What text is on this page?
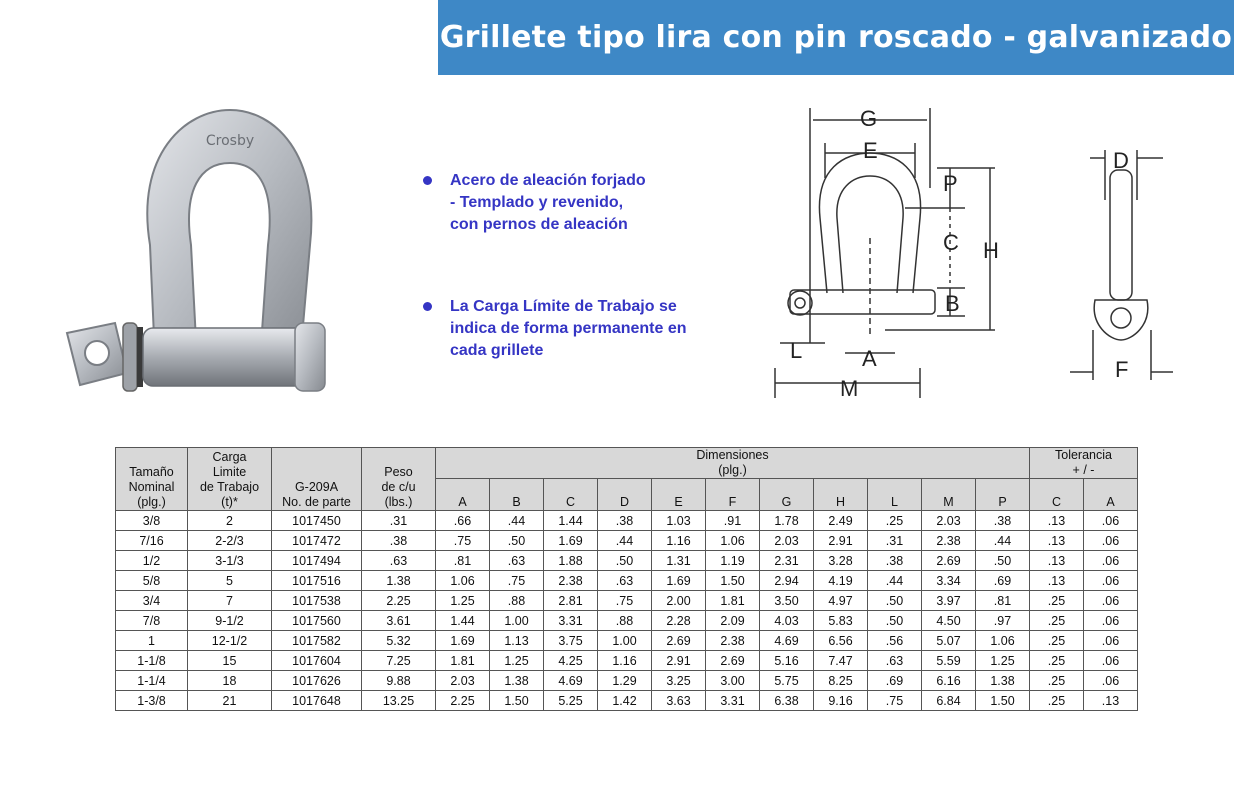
Grillete tipo lira con pin roscado - galvanizado
Crosby
Acero de aleación forjado
- Templado y revenido,
con pernos de aleación
La Carga Límite de Trabajo se
indica de forma permanente en
cada grillete
G
E
P
C H
B
L	A
M
D
F
Tamaño
Nominal
(plg.)	Carga
Limite
de Trabajo
(t)*	G-209A
No. de parte	Peso
de c/u
(lbs.)	Dimensiones
(plg.)											Tolerancia
+ / -	

				A	B	C	D	E	F	G	H	L	M	P	C	A
3/8	2	1017450	.31	.66	.44	1.44	.38	1.03	.91	1.78	2.49	.25	2.03	.38	.13	.06
7/16	2-2/3	1017472	.38	.75	.50	1.69	.44	1.16	1.06	2.03	2.91	.31	2.38	.44	.13	.06
1/2	3-1/3	1017494	.63	.81	.63	1.88	.50	1.31	1.19	2.31	3.28	.38	2.69	.50	.13	.06
5/8	5	1017516	1.38	1.06	.75	2.38	.63	1.69	1.50	2.94	4.19	.44	3.34	.69	.13	.06
3/4	7	1017538	2.25	1.25	.88	2.81	.75	2.00	1.81	3.50	4.97	.50	3.97	.81	.25	.06
7/8	9-1/2	1017560	3.61	1.44	1.00	3.31	.88	2.28	2.09	4.03	5.83	.50	4.50	.97	.25	.06
1	12-1/2	1017582	5.32	1.69	1.13	3.75	1.00	2.69	2.38	4.69	6.56	.56	5.07	1.06	.25	.06
1-1/8	15	1017604	7.25	1.81	1.25	4.25	1.16	2.91	2.69	5.16	7.47	.63	5.59	1.25	.25	.06
1-1/4	18	1017626	9.88	2.03	1.38	4.69	1.29	3.25	3.00	5.75	8.25	.69	6.16	1.38	.25	.06
1-3/8	21	1017648	13.25	2.25	1.50	5.25	1.42	3.63	3.31	6.38	9.16	.75	6.84	1.50	.25	.13
